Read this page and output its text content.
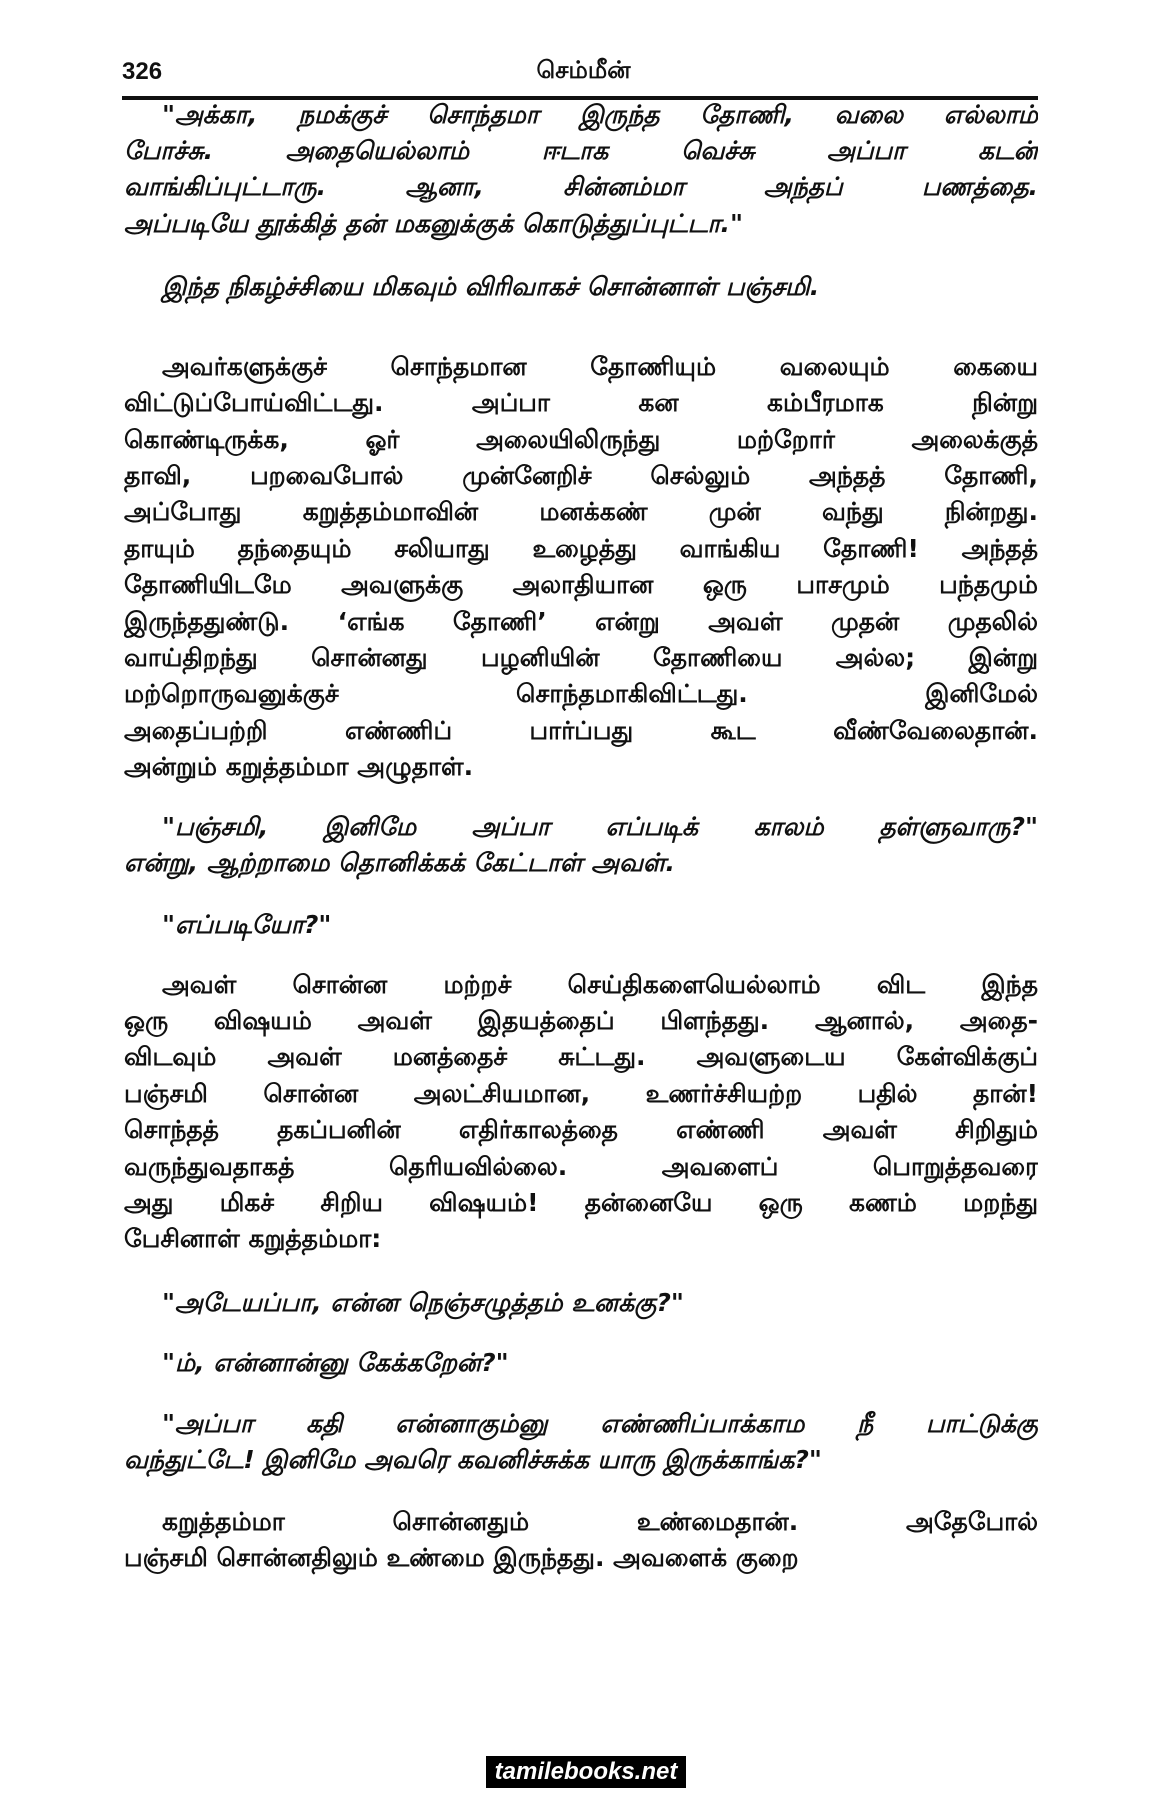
326	செம்மீன்
"அக்கா, நமக்குச் சொந்தமா இருந்த தோணி, வலை எல்லாம்
போச்சு. அதையெல்லாம் ஈடாக வெச்சு அப்பா கடன்
வாங்கிப்புட்டாரு. ஆனா, சின்னம்மா அந்தப் பணத்தை.
அப்படியே தூக்கித் தன் மகனுக்குக் கொடுத்துப்புட்டா."
இந்த நிகழ்ச்சியை மிகவும் விரிவாகச் சொன்னாள் பஞ்சமி.
அவர்களுக்குச் சொந்தமான தோணியும் வலையும் கையை
விட்டுப்போய்விட்டது. அப்பா கன கம்பீரமாக நின்று
கொண்டிருக்க, ஓர் அலையிலிருந்து மற்றோர் அலைக்குத்
தாவி, பறவைபோல் முன்னேறிச் செல்லும் அந்தத் தோணி,
அப்போது கறுத்தம்மாவின் மனக்கண் முன் வந்து நின்றது.
தாயும் தந்தையும் சலியாது உழைத்து வாங்கிய தோணி! அந்தத்
தோணியிடமே அவளுக்கு அலாதியான ஒரு பாசமும் பந்தமும்
இருந்ததுண்டு. ‘எங்க தோணி’ என்று அவள் முதன் முதலில்
வாய்திறந்து சொன்னது பழனியின் தோணியை அல்ல; இன்று
மற்றொருவனுக்குச் சொந்தமாகிவிட்டது. இனிமேல்
அதைப்பற்றி எண்ணிப் பார்ப்பது கூட வீண்வேலைதான்.
அன்றும் கறுத்தம்மா அழுதாள்.
"பஞ்சமி, இனிமே அப்பா எப்படிக் காலம் தள்ளுவாரு?"
என்று, ஆற்றாமை தொனிக்கக் கேட்டாள் அவள்.
"எப்படியோ?"
அவள் சொன்ன மற்றச் செய்திகளையெல்லாம் விட இந்த
ஒரு விஷயம் அவள் இதயத்தைப் பிளந்தது. ஆனால், அதை-
விடவும் அவள் மனத்தைச் சுட்டது. அவளுடைய கேள்விக்குப்
பஞ்சமி சொன்ன அலட்சியமான, உணர்ச்சியற்ற பதில் தான்!
சொந்தத் தகப்பனின் எதிர்காலத்தை எண்ணி அவள் சிறிதும்
வருந்துவதாகத் தெரியவில்லை. அவளைப் பொறுத்தவரை
அது மிகச் சிறிய விஷயம்! தன்னையே ஒரு கணம் மறந்து
பேசினாள் கறுத்தம்மா:
"அடேயப்பா, என்ன நெஞ்சழுத்தம் உனக்கு?"
"ம், என்னான்னு கேக்கறேன்?"
"அப்பா கதி என்னாகும்னு எண்ணிப்பாக்காம நீ பாட்டுக்கு
வந்துட்டே! இனிமே அவரெ கவனிச்சுக்க யாரு இருக்காங்க?"
கறுத்தம்மா சொன்னதும் உண்மைதான். அதேபோல்
பஞ்சமி சொன்னதிலும் உண்மை இருந்தது. அவளைக் குறை
tamilebooks.net
